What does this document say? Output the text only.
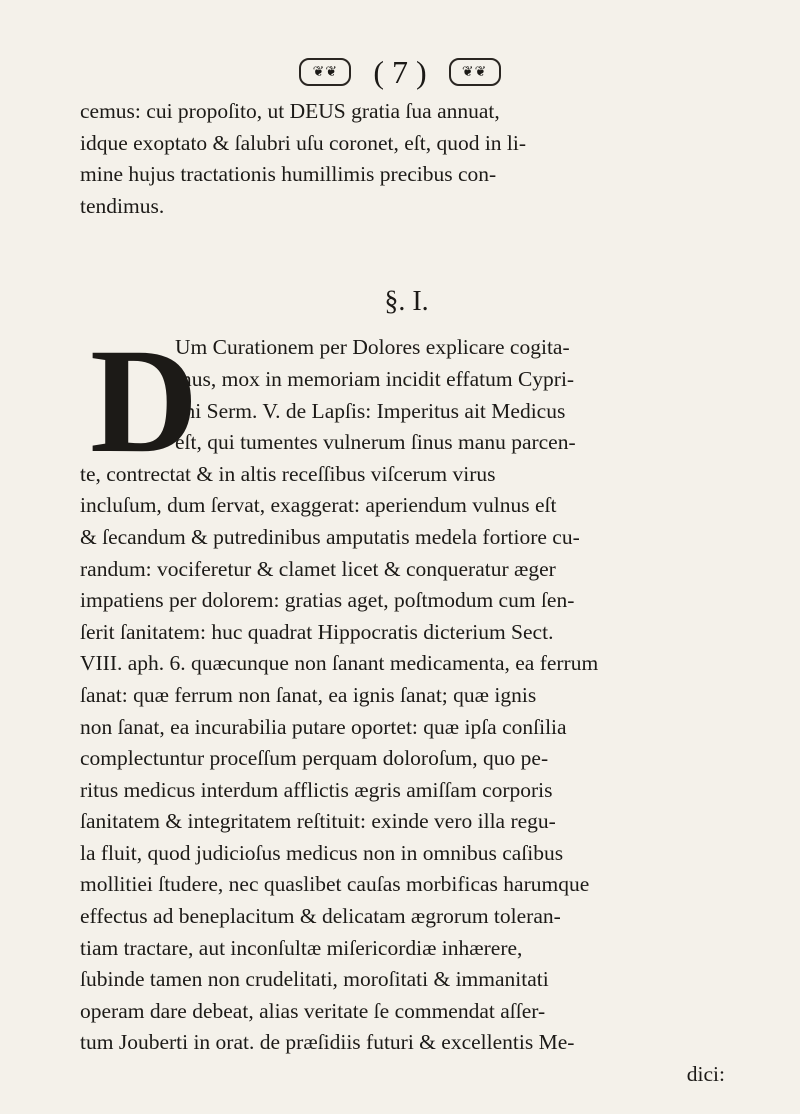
❦❦	( 7 )	❦❦
cemus: cui propoſito, ut DEUS gratia ſua annuat,
idque exoptato & ſalubri uſu coronet, eſt, quod in li-
mine hujus tractationis humillimis precibus con-
tendimus.
§. I.
D
Um Curationem per Dolores explicare cogita-
mus, mox in memoriam incidit effatum Cypri-
ani Serm. V. de Lapſis: Imperitus ait Medicus
eſt, qui tumentes vulnerum ſinus manu parcen-
te, contrectat & in altis receſſibus viſcerum virus
incluſum, dum ſervat, exaggerat: aperiendum vulnus eſt
& ſecandum & putredinibus amputatis medela fortiore cu-
randum: vociferetur & clamet licet & conqueratur æger
impatiens per dolorem: gratias aget, poſtmodum cum ſen-
ſerit ſanitatem: huc quadrat Hippocratis dicterium Sect.
VIII. aph. 6. quæcunque non ſanant medicamenta, ea ferrum
ſanat: quæ ferrum non ſanat, ea ignis ſanat; quæ ignis
non ſanat, ea incurabilia putare oportet: quæ ipſa conſilia
complectuntur proceſſum perquam doloroſum, quo pe-
ritus medicus interdum afflictis ægris amiſſam corporis
ſanitatem & integritatem reſtituit: exinde vero illa regu-
la fluit, quod judicioſus medicus non in omnibus caſibus
mollitiei ſtudere, nec quaslibet cauſas morbificas harumque
effectus ad beneplacitum & delicatam ægrorum toleran-
tiam tractare, aut inconſultæ miſericordiæ inhærere,
ſubinde tamen non crudelitati, moroſitati & immanitati
operam dare debeat, alias veritate ſe commendat aſſer-
tum Jouberti in orat. de præſidiis futuri & excellentis Me-
dici:
